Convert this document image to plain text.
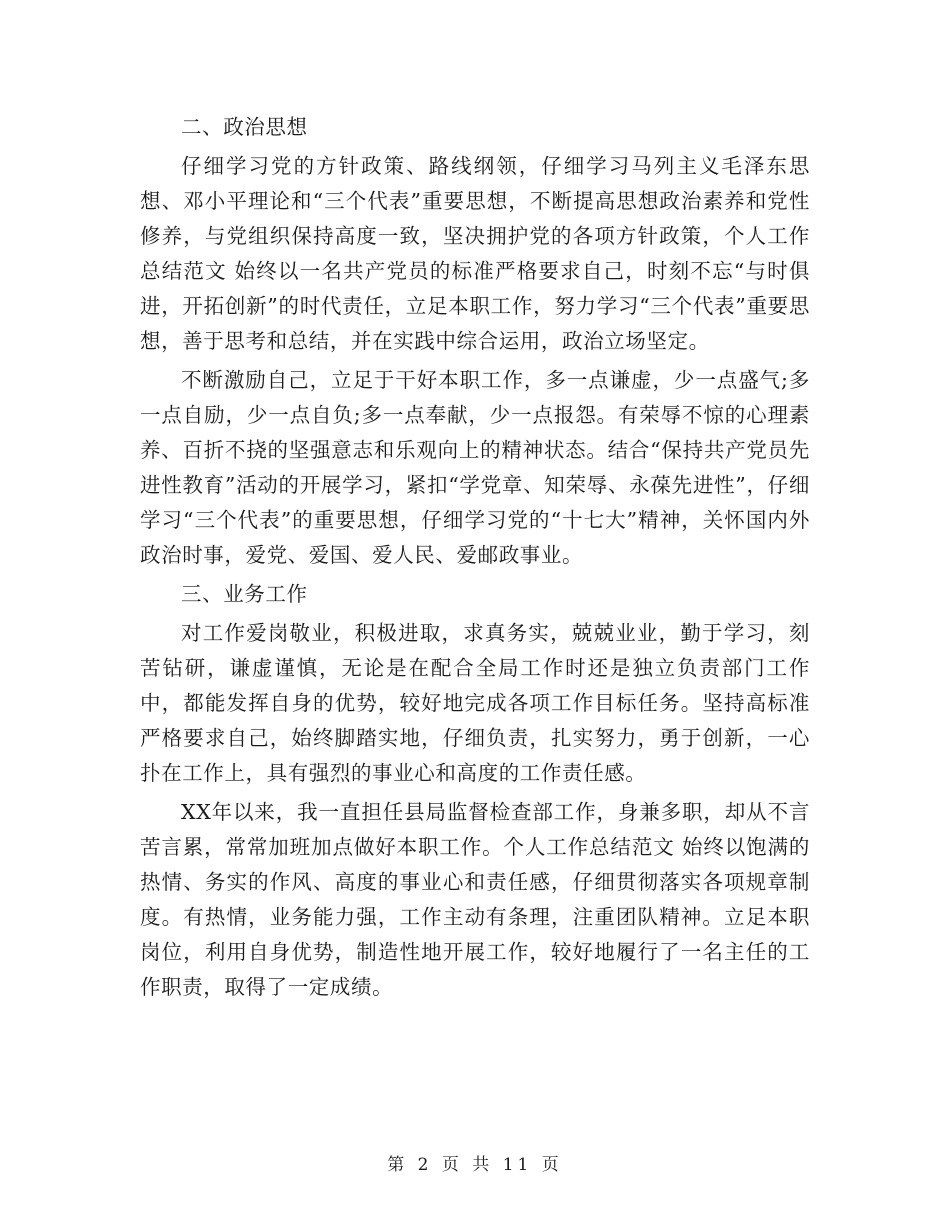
二、政治思想

仔细学习党的方针政策、路线纲领，仔细学习马列主义毛泽东思想、邓小平理论和“三个代表”重要思想，不断提高思想政治素养和党性修养，与党组织保持高度一致，坚决拥护党的各项方针政策，个人工作总结范文 始终以一名共产党员的标准严格要求自己，时刻不忘“与时俱进，开拓创新”的时代责任，立足本职工作，努力学习“三个代表”重要思想，善于思考和总结，并在实践中综合运用，政治立场坚定。

不断激励自己，立足于干好本职工作，多一点谦虚，少一点盛气;多一点自励，少一点自负;多一点奉献，少一点报怨。有荣辱不惊的心理素养、百折不挠的坚强意志和乐观向上的精神状态。结合“保持共产党员先进性教育”活动的开展学习，紧扣“学党章、知荣辱、永葆先进性”，仔细学习“三个代表”的重要思想，仔细学习党的“十七大”精神，关怀国内外政治时事，爱党、爱国、爱人民、爱邮政事业。

三、业务工作

对工作爱岗敬业，积极进取，求真务实，兢兢业业，勤于学习，刻苦钻研，谦虚谨慎，无论是在配合全局工作时还是独立负责部门工作中，都能发挥自身的优势，较好地完成各项工作目标任务。坚持高标准严格要求自己，始终脚踏实地，仔细负责，扎实努力，勇于创新，一心扑在工作上，具有强烈的事业心和高度的工作责任感。

XX年以来，我一直担任县局监督检查部工作，身兼多职，却从不言苦言累，常常加班加点做好本职工作。个人工作总结范文 始终以饱满的热情、务实的作风、高度的事业心和责任感，仔细贯彻落实各项规章制度。有热情，业务能力强，工作主动有条理，注重团队精神。立足本职岗位，利用自身优势，制造性地开展工作，较好地履行了一名主任的工作职责，取得了一定成绩。

第 2 页 共 11 页
